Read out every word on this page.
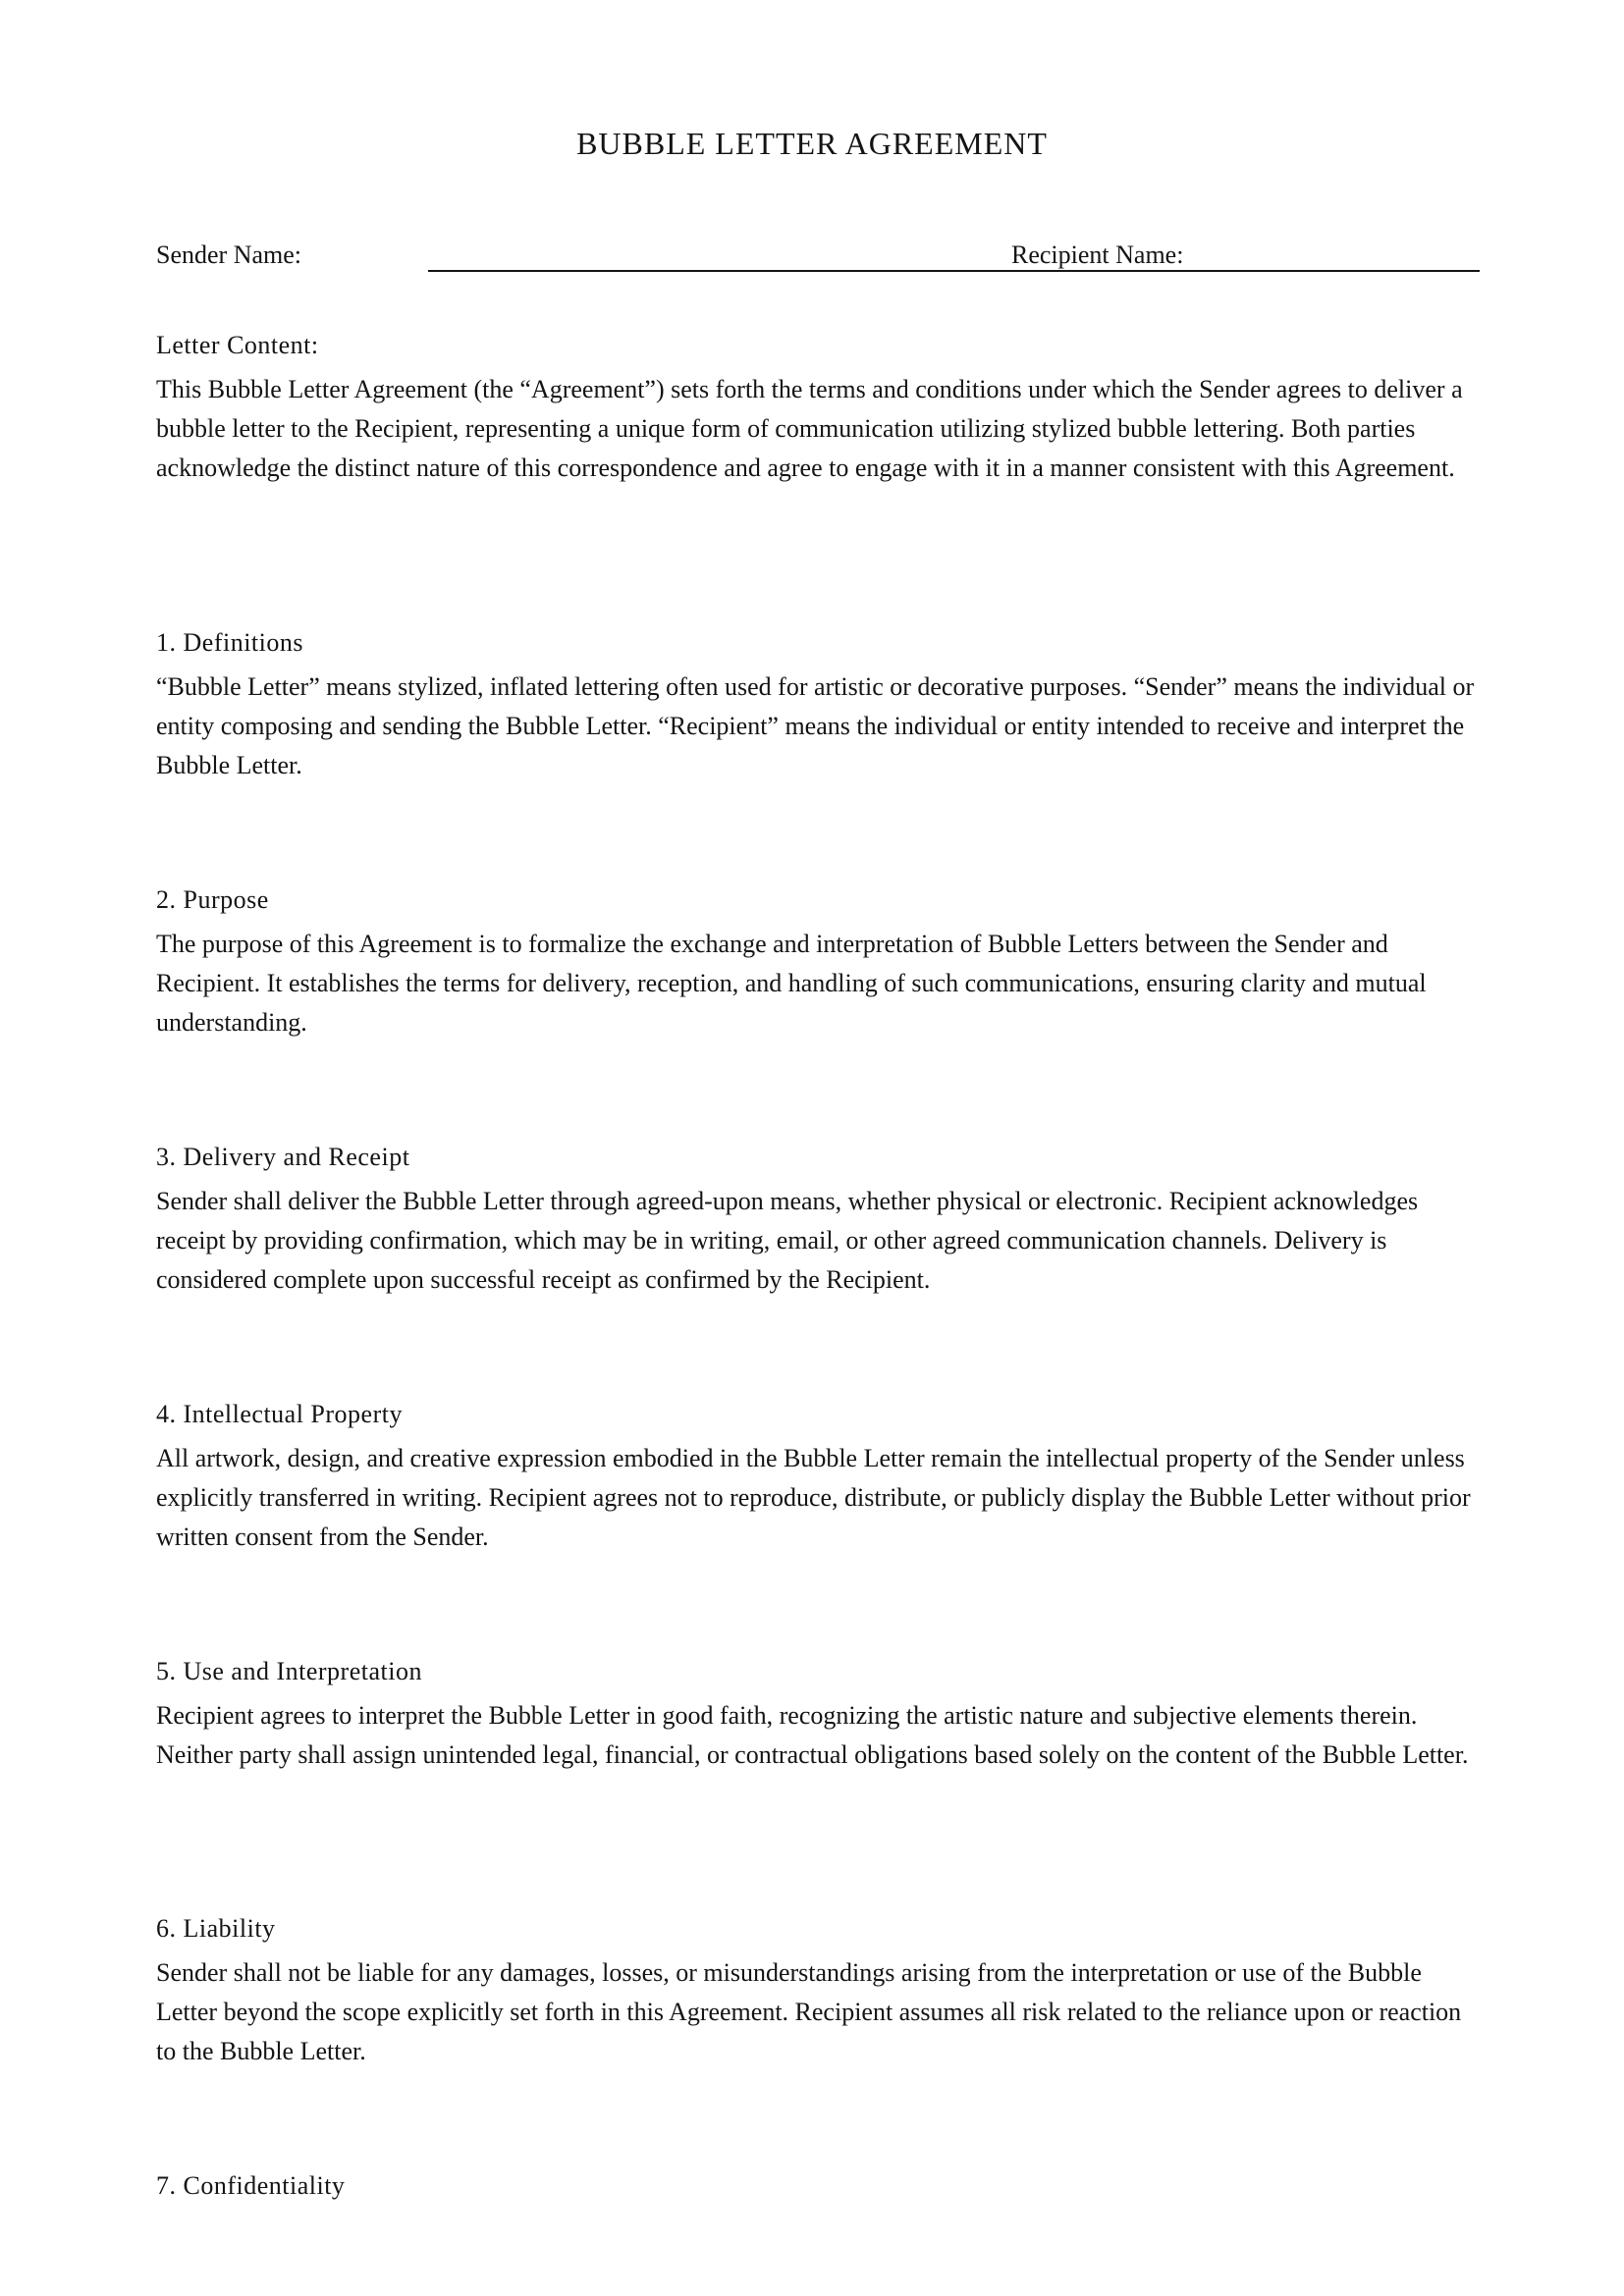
BUBBLE LETTER AGREEMENT
Sender Name:	Recipient Name:
Letter Content:

This Bubble Letter Agreement (the “Agreement”) sets forth the terms and conditions under which the Sender agrees to deliver a bubble letter to the Recipient, representing a unique form of communication utilizing stylized bubble lettering. Both parties acknowledge the distinct nature of this correspondence and agree to engage with it in a manner consistent with this Agreement.

1. Definitions

“Bubble Letter” means stylized, inflated lettering often used for artistic or decorative purposes. “Sender” means the individual or entity composing and sending the Bubble Letter. “Recipient” means the individual or entity intended to receive and interpret the Bubble Letter.

2. Purpose

The purpose of this Agreement is to formalize the exchange and interpretation of Bubble Letters between the Sender and Recipient. It establishes the terms for delivery, reception, and handling of such communications, ensuring clarity and mutual understanding.

3. Delivery and Receipt

Sender shall deliver the Bubble Letter through agreed-upon means, whether physical or electronic. Recipient acknowledges receipt by providing confirmation, which may be in writing, email, or other agreed communication channels. Delivery is considered complete upon successful receipt as confirmed by the Recipient.

4. Intellectual Property

All artwork, design, and creative expression embodied in the Bubble Letter remain the intellectual property of the Sender unless explicitly transferred in writing. Recipient agrees not to reproduce, distribute, or publicly display the Bubble Letter without prior written consent from the Sender.

5. Use and Interpretation

Recipient agrees to interpret the Bubble Letter in good faith, recognizing the artistic nature and subjective elements therein. Neither party shall assign unintended legal, financial, or contractual obligations based solely on the content of the Bubble Letter.

6. Liability

Sender shall not be liable for any damages, losses, or misunderstandings arising from the interpretation or use of the Bubble Letter beyond the scope explicitly set forth in this Agreement. Recipient assumes all risk related to the reliance upon or reaction to the Bubble Letter.

7. Confidentiality
